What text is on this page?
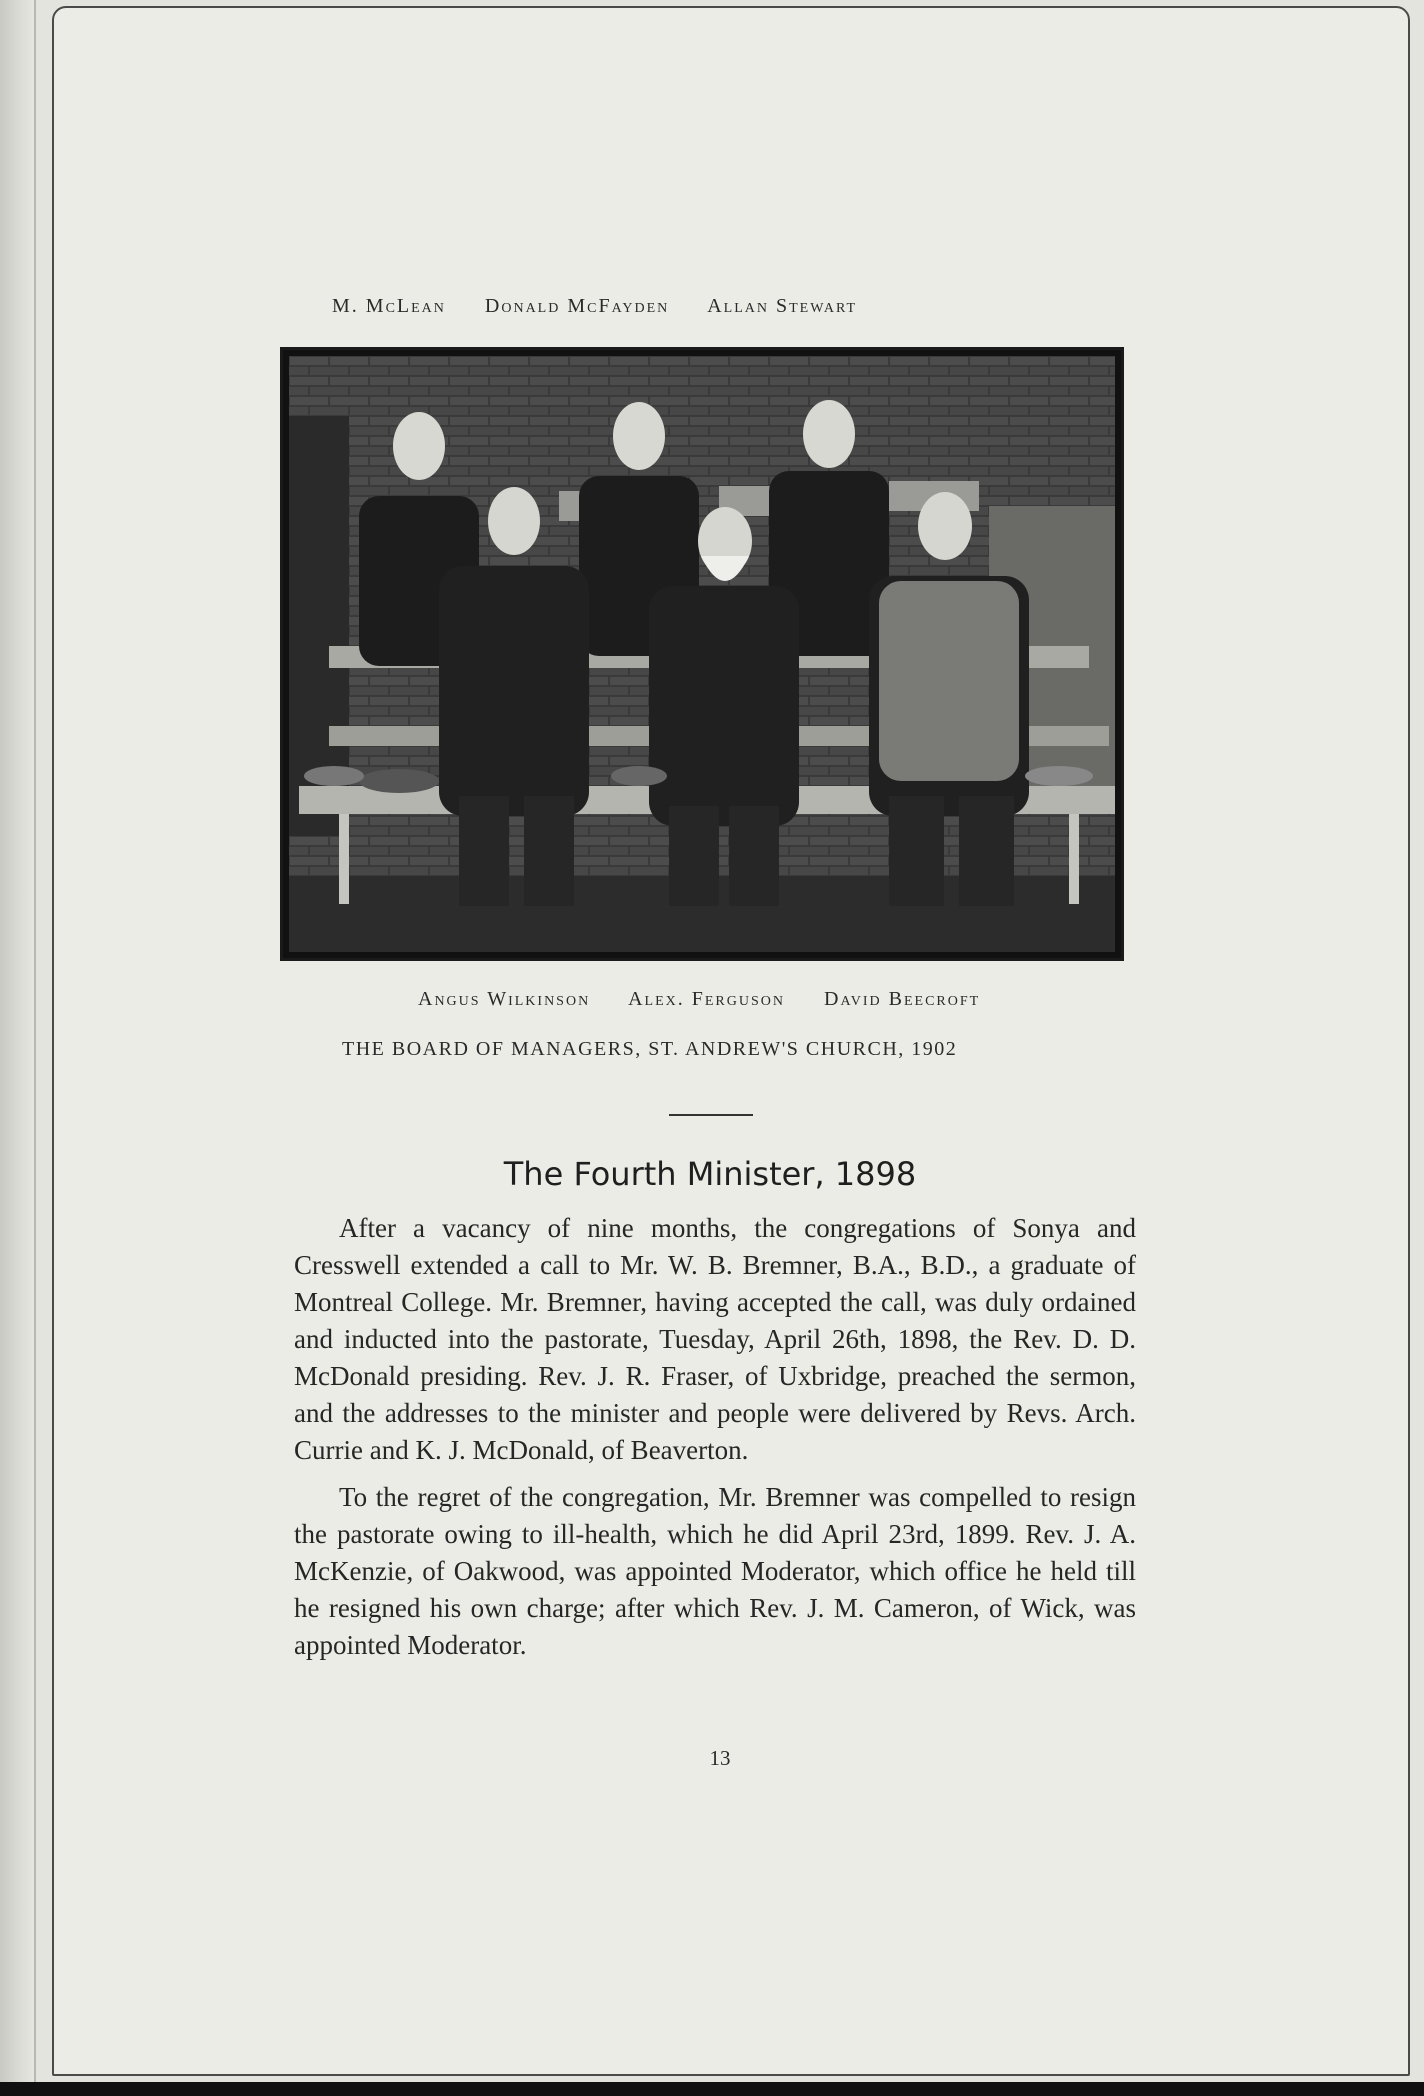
M. McLean Donald McFayden Allan Stewart
Angus Wilkinson Alex. Ferguson David Beecroft
THE BOARD OF MANAGERS, ST. ANDREW'S CHURCH, 1902
The Fourth Minister, 1898

After a vacancy of nine months, the congregations of Sonya and Cresswell extended a call to Mr. W. B. Bremner, B.A., B.D., a graduate of Montreal College. Mr. Bremner, having accepted the call, was duly ordained and inducted into the pastorate, Tuesday, April 26th, 1898, the Rev. D. D. McDonald presiding. Rev. J. R. Fraser, of Uxbridge, preached the sermon, and the addresses to the minister and people were delivered by Revs. Arch. Currie and K. J. McDonald, of Beaverton.

To the regret of the congregation, Mr. Bremner was compelled to resign the pastorate owing to ill-health, which he did April 23rd, 1899. Rev. J. A. McKenzie, of Oakwood, was appointed Moderator, which office he held till he resigned his own charge; after which Rev. J. M. Cameron, of Wick, was appointed Moderator.

13
